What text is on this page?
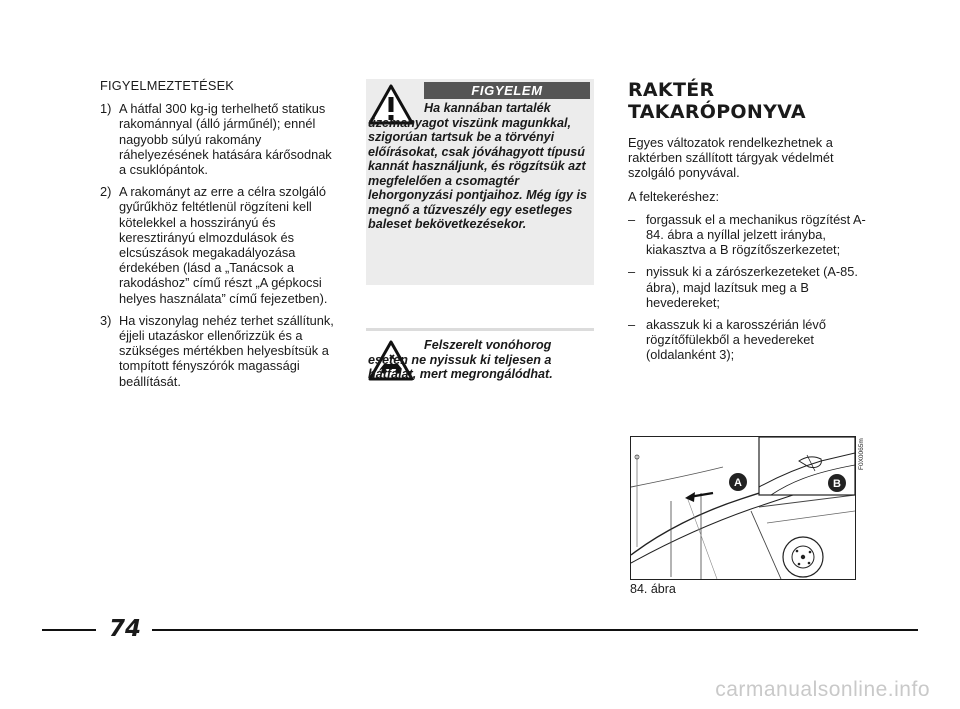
FIGYELMEZTETÉSEK
1) A hátfal 300 kg-ig terhelhető statikus rakománnyal (álló járműnél); ennél nagyobb súlyú rakomány ráhelyezésének hatására kárősodnak a csuklópántok.
2) A rakományt az erre a célra szolgáló gyűrűkhöz feltétlenül rögzíteni kell kötelekkel a hosszirányú és keresztirányú elmozdulások és elcsúszások megakadályozása érdekében (lásd a „Tanácsok a rakodáshoz” című részt „A gépkocsi helyes használata” című fejezetben).
3) Ha viszonylag nehéz terhet szállítunk, éjjeli utazáskor ellenőrizzük és a szükséges mértékben helyesbítsük a tompított fényszórók magassági beállítását.
FIGYELEM
Ha kannában tartalék üzemanyagot viszünk magunkkal, szigorúan tartsuk be a törvényi előírásokat, csak jóváhagyott típusú kannát használjunk, és rögzítsük azt megfelelően a csomagtér lehorgonyzási pontjaihoz. Még így is megnő a tűzveszély egy esetleges baleset bekövetkezésekor.
Felszerelt vonóhorog esetén ne nyissuk ki teljesen a hátfalat, mert megrongálódhat.
RAKTÉR
TAKARÓPONYVA

Egyes változatok rendelkezhetnek a raktérben szállított tárgyak védelmét szolgáló ponyvával.

A feltekeréshez:

– forgassuk el a mechanikus rögzítést A-84. ábra a nyíllal jelzett irányba, kiakasztva a B rögzítőszerkezetet;
– nyissuk ki a zárószerkezeteket (A-85. ábra), majd lazítsuk meg a B hevedereket;
– akasszuk ki a karosszérián lévő rögzítőfülekből a hevedereket (oldalanként 3);
A	B
F0X0065m
84. ábra
74
carmanualsonline.info
